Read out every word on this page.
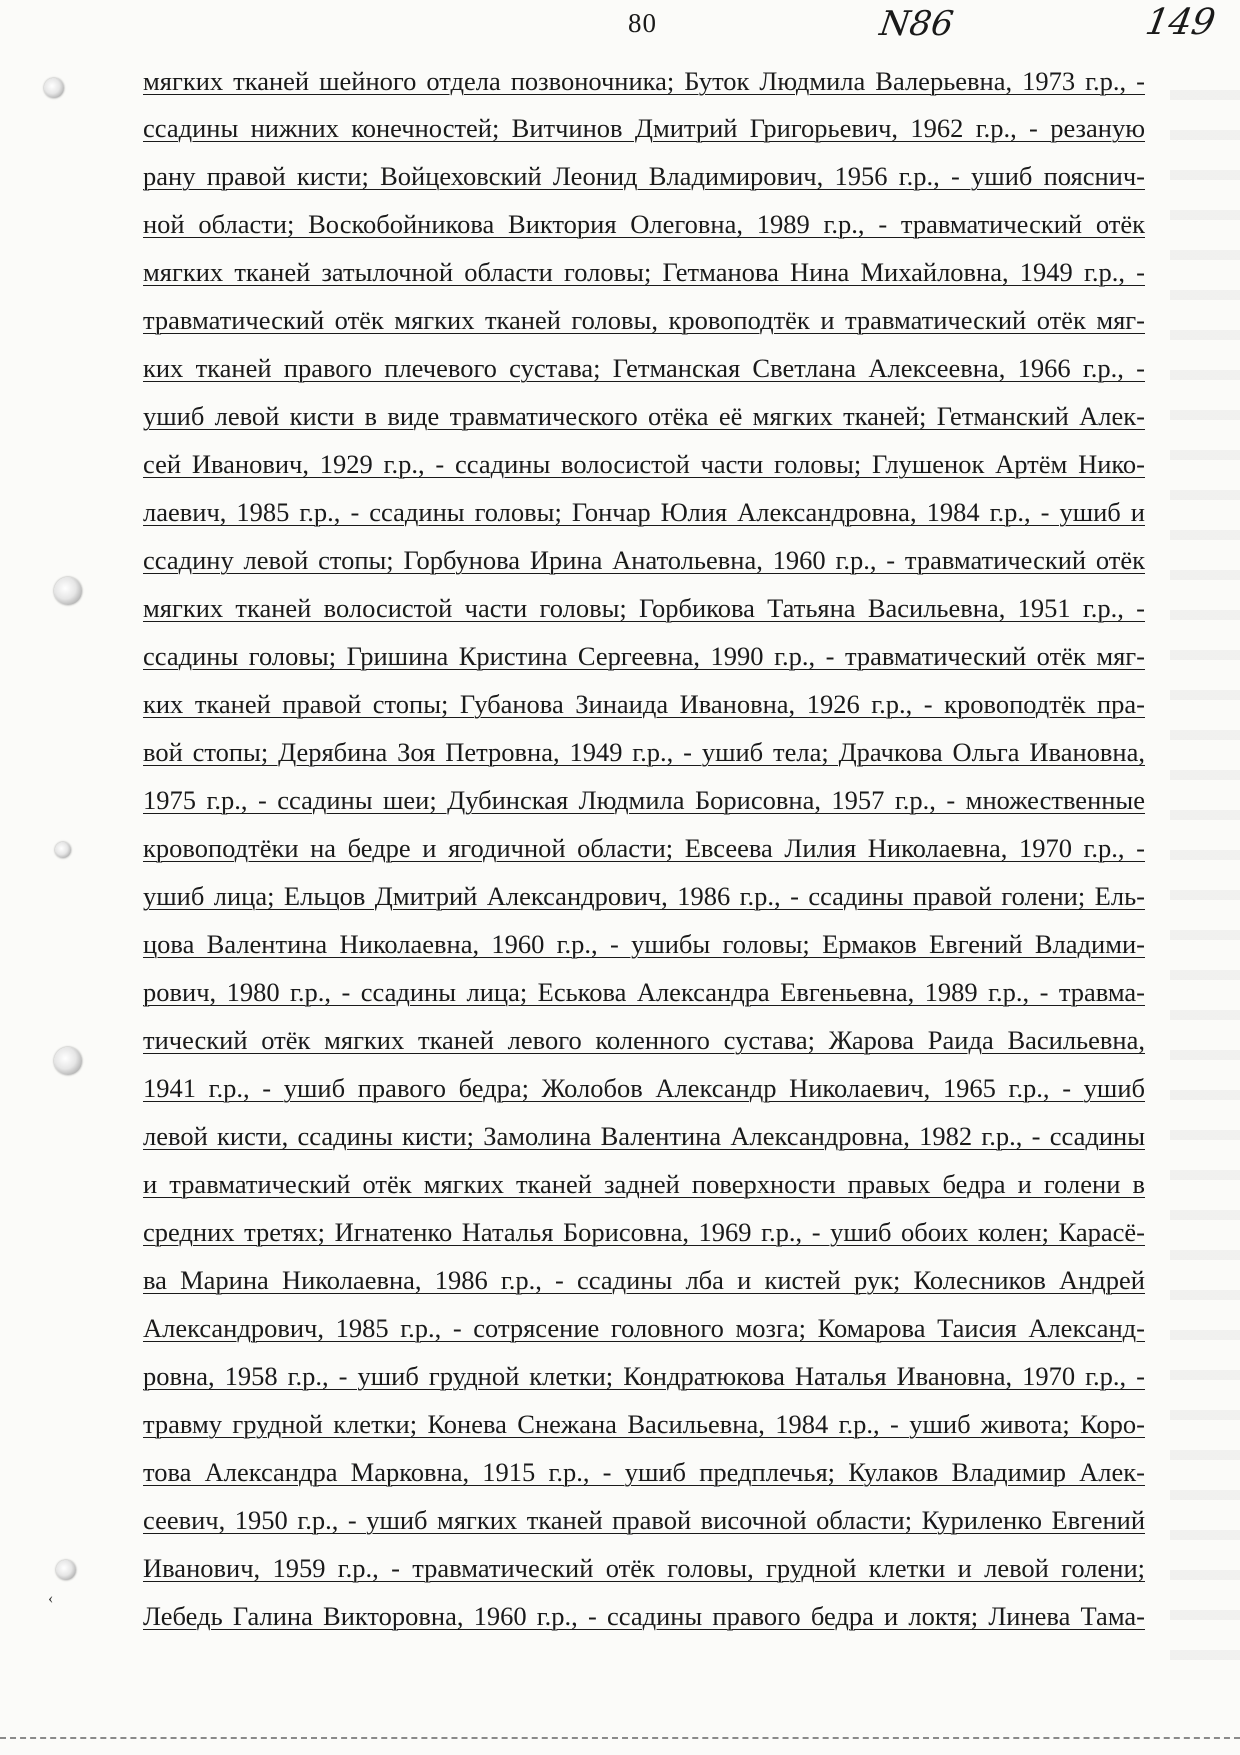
80	N86	149
‹
мягких тканей шейного отдела позвоночника; Буток Людмила Валерьевна, 1973 г.р., -
ссадины нижних конечностей; Витчинов Дмитрий Григорьевич, 1962 г.р., - резаную
рану правой кисти; Войцеховский Леонид Владимирович, 1956 г.р., - ушиб пояснич-
ной области; Воскобойникова Виктория Олеговна, 1989 г.р., - травматический отёк
мягких тканей затылочной области головы; Гетманова Нина Михайловна, 1949 г.р., -
травматический отёк мягких тканей головы, кровоподтёк и травматический отёк мяг-
ких тканей правого плечевого сустава; Гетманская Светлана Алексеевна, 1966 г.р., -
ушиб левой кисти в виде травматического отёка её мягких тканей; Гетманский Алек-
сей Иванович, 1929 г.р., - ссадины волосистой части головы; Глушенок Артём Нико-
лаевич, 1985 г.р., - ссадины головы; Гончар Юлия Александровна, 1984 г.р., - ушиб и
ссадину левой стопы; Горбунова Ирина Анатольевна, 1960 г.р., - травматический отёк
мягких тканей волосистой части головы; Горбикова Татьяна Васильевна, 1951 г.р., -
ссадины головы; Гришина Кристина Сергеевна, 1990 г.р., - травматический отёк мяг-
ких тканей правой стопы; Губанова Зинаида Ивановна, 1926 г.р., - кровоподтёк пра-
вой стопы; Дерябина Зоя Петровна, 1949 г.р., - ушиб тела; Драчкова Ольга Ивановна,
1975 г.р., - ссадины шеи; Дубинская Людмила Борисовна, 1957 г.р., - множественные
кровоподтёки на бедре и ягодичной области; Евсеева Лилия Николаевна, 1970 г.р., -
ушиб лица; Ельцов Дмитрий Александрович, 1986 г.р., - ссадины правой голени; Ель-
цова Валентина Николаевна, 1960 г.р., - ушибы головы; Ермаков Евгений Владими-
рович, 1980 г.р., - ссадины лица; Еськова Александра Евгеньевна, 1989 г.р., - травма-
тический отёк мягких тканей левого коленного сустава; Жарова Раида Васильевна,
1941 г.р., - ушиб правого бедра; Жолобов Александр Николаевич, 1965 г.р., - ушиб
левой кисти, ссадины кисти; Замолина Валентина Александровна, 1982 г.р., - ссадины
и травматический отёк мягких тканей задней поверхности правых бедра и голени в
средних третях; Игнатенко Наталья Борисовна, 1969 г.р., - ушиб обоих колен; Карасё-
ва Марина Николаевна, 1986 г.р., - ссадины лба и кистей рук; Колесников Андрей
Александрович, 1985 г.р., - сотрясение головного мозга; Комарова Таисия Александ-
ровна, 1958 г.р., - ушиб грудной клетки; Кондратюкова Наталья Ивановна, 1970 г.р., -
травму грудной клетки; Конева Снежана Васильевна, 1984 г.р., - ушиб живота; Коро-
това Александра Марковна, 1915 г.р., - ушиб предплечья; Кулаков Владимир Алек-
сеевич, 1950 г.р., - ушиб мягких тканей правой височной области; Куриленко Евгений
Иванович, 1959 г.р., - травматический отёк головы, грудной клетки и левой голени;
Лебедь Галина Викторовна, 1960 г.р., - ссадины правого бедра и локтя; Линева Тама-
